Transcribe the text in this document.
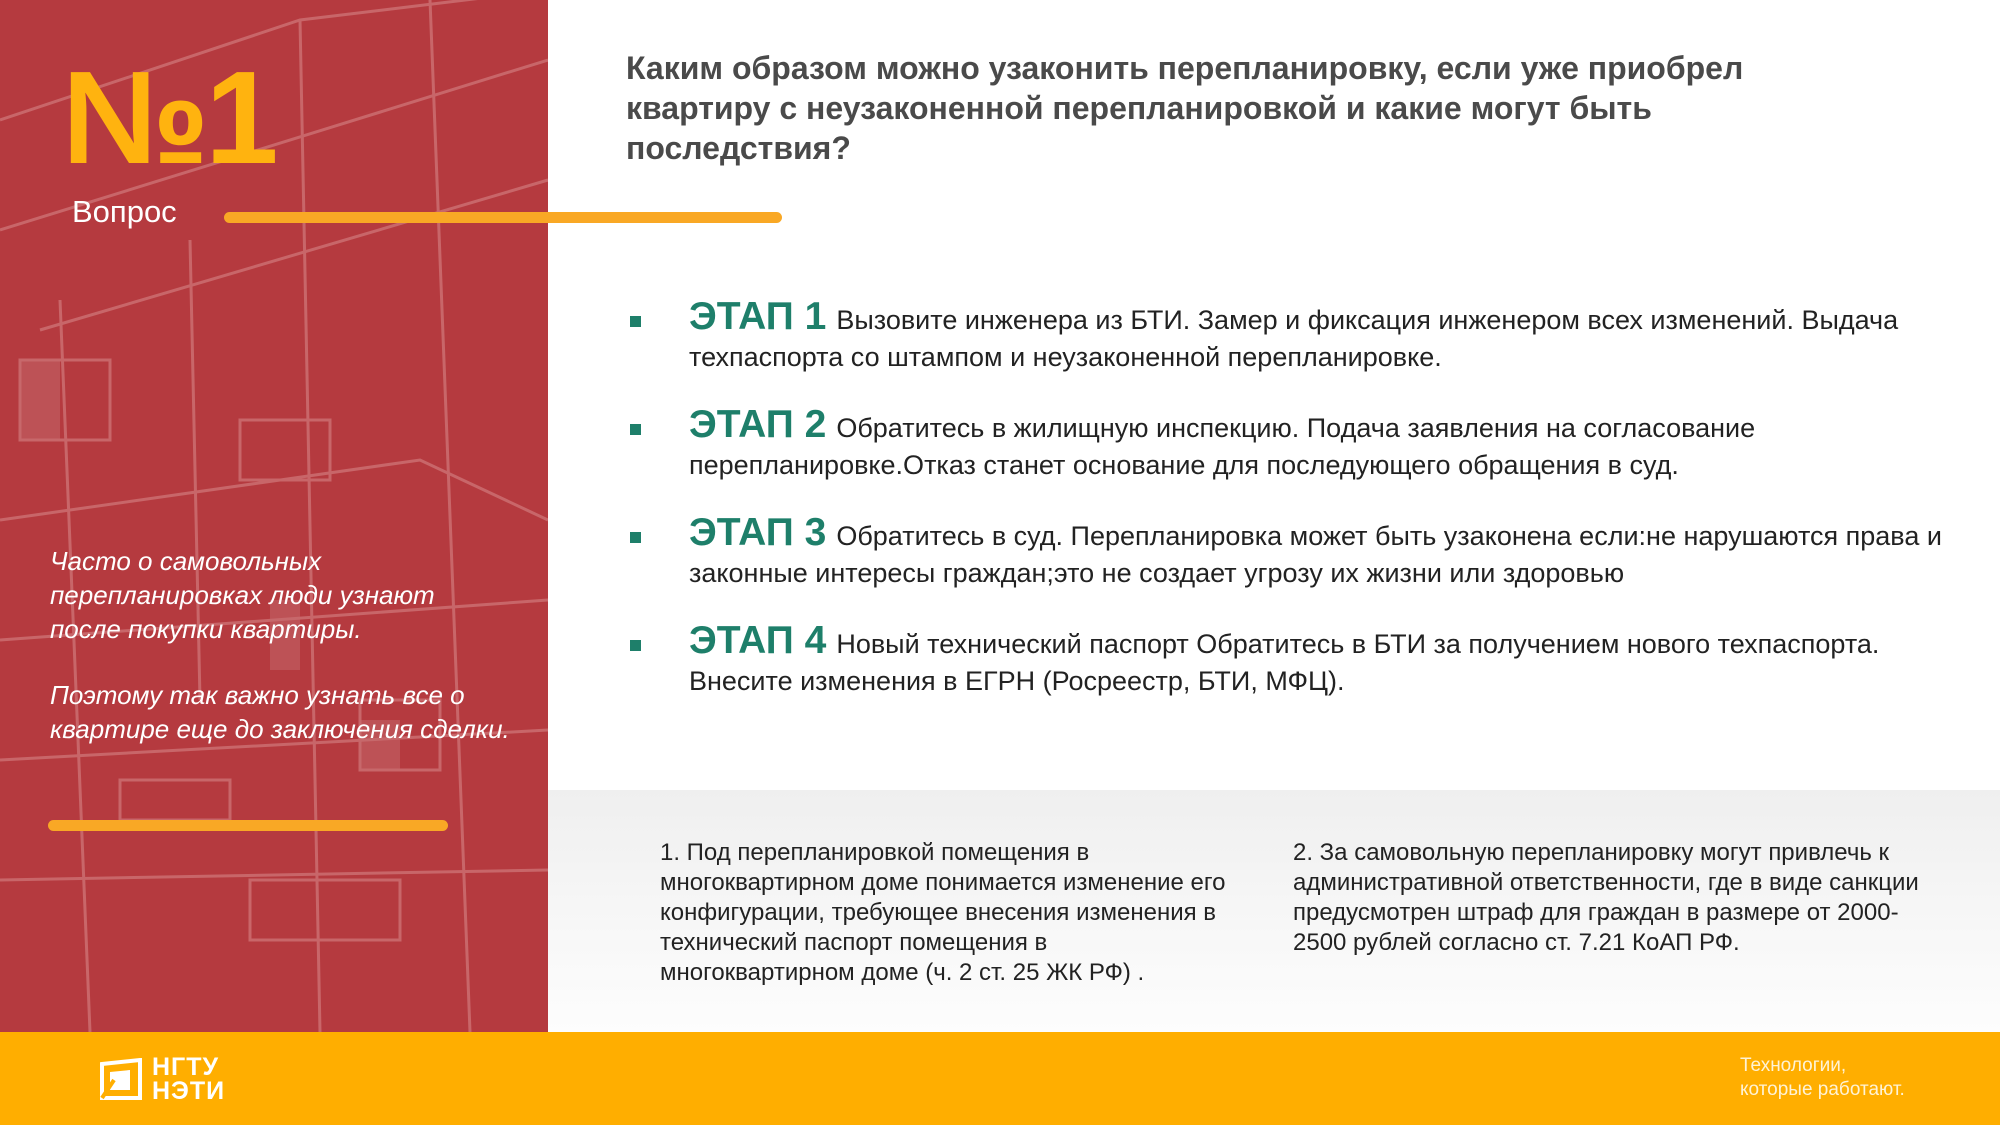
№1
Вопрос

Часто о самовольных перепланировках люди узнают после покупки квартиры.

Поэтому так важно узнать все о квартире еще до заключения сделки.

Каким образом можно узаконить перепланировку, если уже приобрел квартиру с неузаконенной перепланировкой и какие могут быть последствия?
ЭТАП 1 Вызовите инженера из БТИ. Замер и фиксация инженером всех изменений. Выдача техпаспорта со штампом и неузаконенной перепланировке.
ЭТАП 2 Обратитесь в жилищную инспекцию. Подача заявления на согласование перепланировке.Отказ станет основание для последующего обращения в суд.
ЭТАП 3 Обратитесь в суд. Перепланировка может быть узаконена если:не нарушаются права и законные интересы граждан;это не создает угрозу их жизни или здоровью
ЭТАП 4 Новый технический паспорт Обратитесь в БТИ за получением нового техпаспорта. Внесите изменения в ЕГРН (Росреестр, БТИ, МФЦ).
1. Под перепланировкой помещения в многоквартирном доме понимается изменение его конфигурации, требующее внесения изменения в технический паспорт помещения в многоквартирном доме (ч. 2 ст. 25 ЖК РФ) .
2. За самовольную перепланировку могут привлечь к административной ответственности, где в виде санкции предусмотрен штраф для граждан в размере от 2000-2500 рублей согласно ст. 7.21 КоАП РФ.
НГТУ
НЭТИ
Технологии,
которые работают.
